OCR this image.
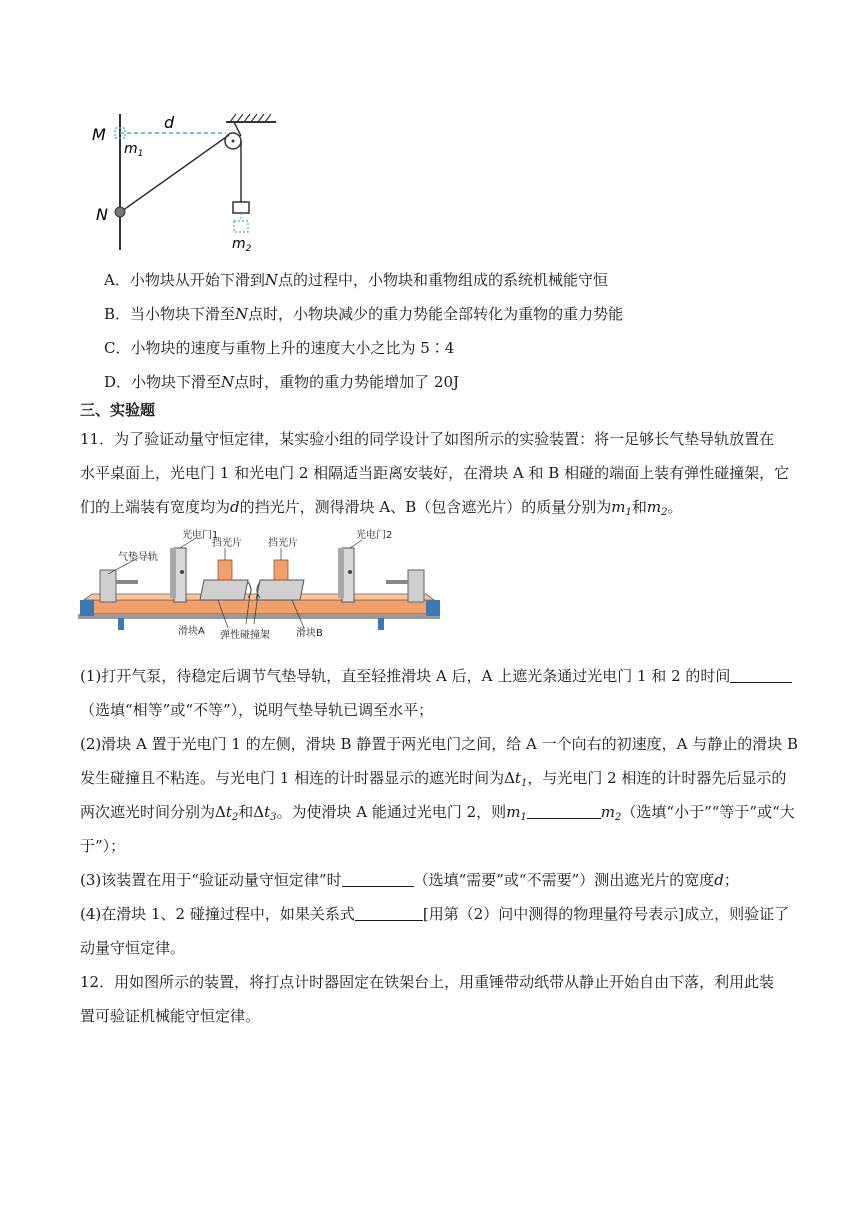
M
d
$m_1$
N
$m_2$
A．小物块从开始下滑到N点的过程中，小物块和重物组成的系统机械能守恒
B．当小物块下滑至N点时，小物块减少的重力势能全部转化为重物的重力势能
C．小物块的速度与重物上升的速度大小之比为 5∶4
D．小物块下滑至N点时，重物的重力势能增加了 20J
三、实验题
11．为了验证动量守恒定律，某实验小组的同学设计了如图所示的实验装置：将一足够长气垫导轨放置在
水平桌面上，光电门 1 和光电门 2 相隔适当距离安装好，在滑块 A 和 B 相碰的端面上装有弹性碰撞架，它
们的上端装有宽度均为d的挡光片，测得滑块 A、B（包含遮光片）的质量分别为$m_1$和$m_2$。
气垫导轨
光电门1
挡光片	挡光片
光电门2
滑块A 弹性碰撞架	滑块B
(1)打开气泵，待稳定后调节气垫导轨，直至轻推滑块 A 后，A 上遮光条通过光电门 1 和 2 的时间
（选填“相等”或“不等”），说明气垫导轨已调至水平；
(2)滑块 A 置于光电门 1 的左侧，滑块 B 静置于两光电门之间，给 A 一个向右的初速度，A 与静止的滑块 B
发生碰撞且不粘连。与光电门 1 相连的计时器显示的遮光时间为$\Delta t_1$，与光电门 2 相连的计时器先后显示的
两次遮光时间分别为$\Delta t_2$和$\Delta t_3$。为使滑块 A 能通过光电门 2，则$m_1$	$m_2$（选填“小于”“等于”或“大
于”）；
(3)该装置在用于“验证动量守恒定律”时	（选填“需要”或“不需要”）测出遮光片的宽度d；
(4)在滑块 1、2 碰撞过程中，如果关系式	[用第（2）问中测得的物理量符号表示]成立，则验证了
动量守恒定律。
12．用如图所示的装置，将打点计时器固定在铁架台上，用重锤带动纸带从静止开始自由下落，利用此装
置可验证机械能守恒定律。
